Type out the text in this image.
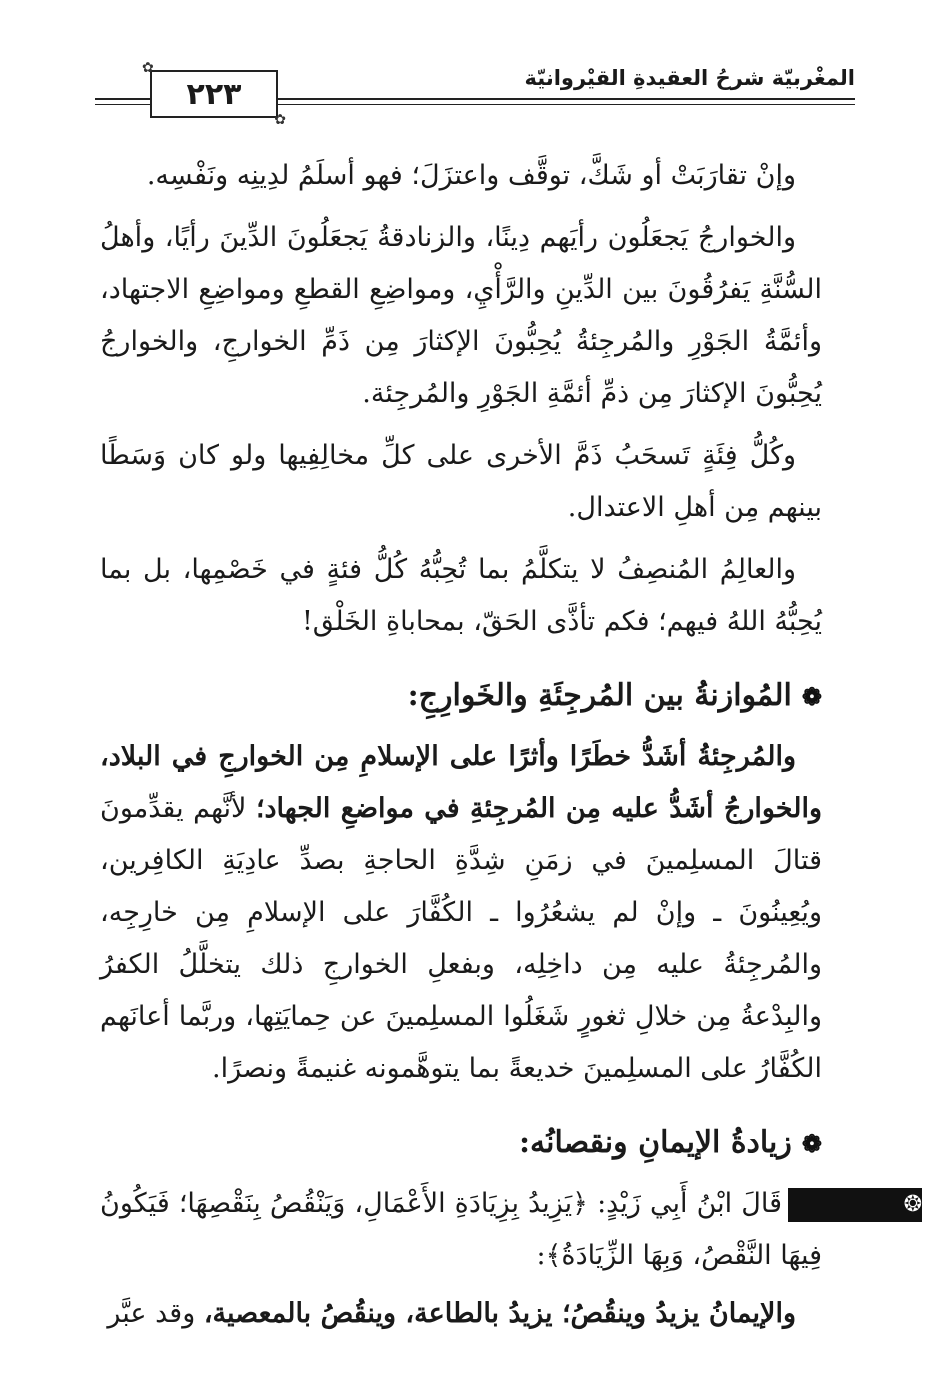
المغْربيّة شرحُ العقيدةِ القيْروانيّة
✿ ٢٢٣
✿

وإنْ تقارَبَتْ أو شَكَّ، توقَّف واعتزَلَ؛ فهو أسلَمُ لدِينِه ونَفْسِه.

والخوارجُ يَجعَلُون رأيَهم دِينًا، والزنادقةُ يَجعَلُونَ الدِّينَ رأيًا، وأهلُ السُّنَّةِ يَفرُقُونَ بين الدِّينِ والرَّأْيِ، ومواضِعِ القطعِ ومواضِعِ الاجتهاد، وأئمَّةُ الجَوْرِ والمُرجِئةُ يُحِبُّونَ الإكثارَ مِن ذَمِّ الخوارجِ، والخوارجُ يُحِبُّونَ الإكثارَ مِن ذمِّ أئمَّةِ الجَوْرِ والمُرجِئة.

وكُلُّ فِئَةٍ تَسحَبُ ذَمَّ الأخرى على كلِّ مخالِفِيها ولو كان وَسَطًا بينهم مِن أهلِ الاعتدال.

والعالِمُ المُنصِفُ لا يتكلَّمُ بما تُحِبُّهُ كُلُّ فئةٍ في خَصْمِها، بل بما يُحِبُّهُ اللهُ فيهم؛ فكم تأذَّى الحَقّ، بمحاباةِ الخَلْق!

❁المُوازنةُ بين المُرجِئَةِ والخَوارِجِ:

والمُرجِئةُ أشَدُّ خطَرًا وأثرًا على الإسلامِ مِن الخوارجِ في البلاد، والخوارجُ أشَدُّ عليه مِن المُرجِئةِ في مواضعِ الجهاد؛ لأنَّهم يقدِّمونَ قتالَ المسلِمينَ في زمَنِ شِدَّةِ الحاجةِ بصدِّ عادِيَةِ الكافِرين، ويُعِينُونَ ـ وإنْ لم يشعُرُوا ـ الكُفَّارَ على الإسلامِ مِن خارِجِه، والمُرجِئةُ عليه مِن داخِلِه، وبفعلِ الخوارجِ ذلك يتخلَّلُ الكفرُ والبِدْعةُ مِن خلالِ ثغورٍ شَغَلُوا المسلِمينَ عن حِمايَتِها، وربَّما أعانَهم الكُفَّارُ على المسلِمينَ خديعةً بما يتوهَّمونه غنيمةً ونصرًا.

❁زيادةُ الإيمانِ ونقصانُه:
❂

قَالَ ابْنُ أَبِي زَيْدٍ: ﴿يَزِيدُ بِزِيَادَةِ الأَعْمَالِ، وَيَنْقُصُ بِنَقْصِهَا؛ فَيَكُونُ فِيهَا النَّقْصُ، وَبِهَا الزِّيَادَةُ﴾:

والإيمانُ يزيدُ وينقُصُ؛ يزيدُ بالطاعة، وينقُصُ بالمعصية، وقد عبَّر
